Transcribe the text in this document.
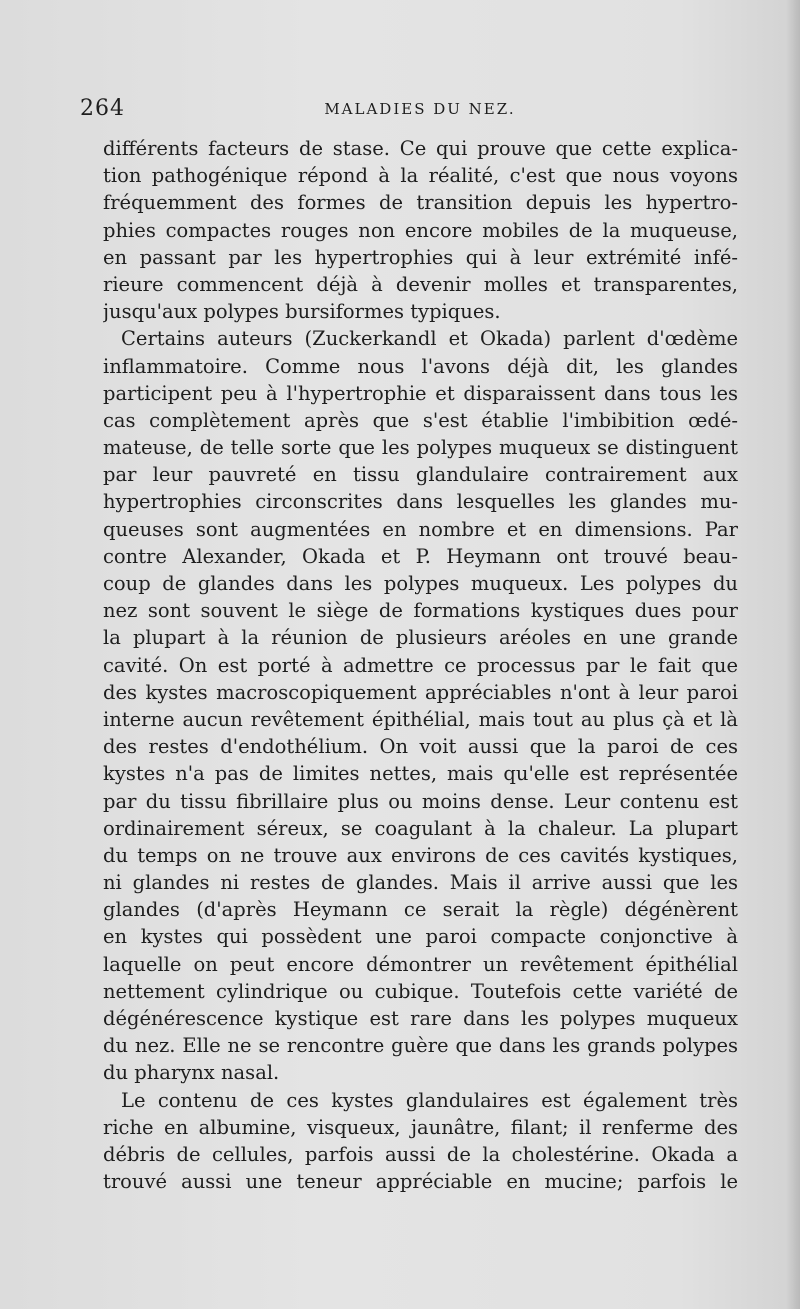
264	MALADIES DU NEZ.
différents facteurs de stase. Ce qui prouve que cette explica-
tion pathogénique répond à la réalité, c'est que nous voyons
fréquemment des formes de transition depuis les hypertro-
phies compactes rouges non encore mobiles de la muqueuse,
en passant par les hypertrophies qui à leur extrémité infé-
rieure commencent déjà à devenir molles et transparentes,
jusqu'aux polypes bursiformes typiques.
Certains auteurs (Zuckerkandl et Okada) parlent d'œdème
inflammatoire. Comme nous l'avons déjà dit, les glandes
participent peu à l'hypertrophie et disparaissent dans tous les
cas complètement après que s'est établie l'imbibition œdé-
mateuse, de telle sorte que les polypes muqueux se distinguent
par leur pauvreté en tissu glandulaire contrairement aux
hypertrophies circonscrites dans lesquelles les glandes mu-
queuses sont augmentées en nombre et en dimensions. Par
contre Alexander, Okada et P. Heymann ont trouvé beau-
coup de glandes dans les polypes muqueux. Les polypes du
nez sont souvent le siège de formations kystiques dues pour
la plupart à la réunion de plusieurs aréoles en une grande
cavité. On est porté à admettre ce processus par le fait que
des kystes macroscopiquement appréciables n'ont à leur paroi
interne aucun revêtement épithélial, mais tout au plus çà et là
des restes d'endothélium. On voit aussi que la paroi de ces
kystes n'a pas de limites nettes, mais qu'elle est représentée
par du tissu fibrillaire plus ou moins dense. Leur contenu est
ordinairement séreux, se coagulant à la chaleur. La plupart
du temps on ne trouve aux environs de ces cavités kystiques,
ni glandes ni restes de glandes. Mais il arrive aussi que les
glandes (d'après Heymann ce serait la règle) dégénèrent
en kystes qui possèdent une paroi compacte conjonctive à
laquelle on peut encore démontrer un revêtement épithélial
nettement cylindrique ou cubique. Toutefois cette variété de
dégénérescence kystique est rare dans les polypes muqueux
du nez. Elle ne se rencontre guère que dans les grands polypes
du pharynx nasal.
Le contenu de ces kystes glandulaires est également très
riche en albumine, visqueux, jaunâtre, filant; il renferme des
débris de cellules, parfois aussi de la cholestérine. Okada a
trouvé aussi une teneur appréciable en mucine; parfois le
